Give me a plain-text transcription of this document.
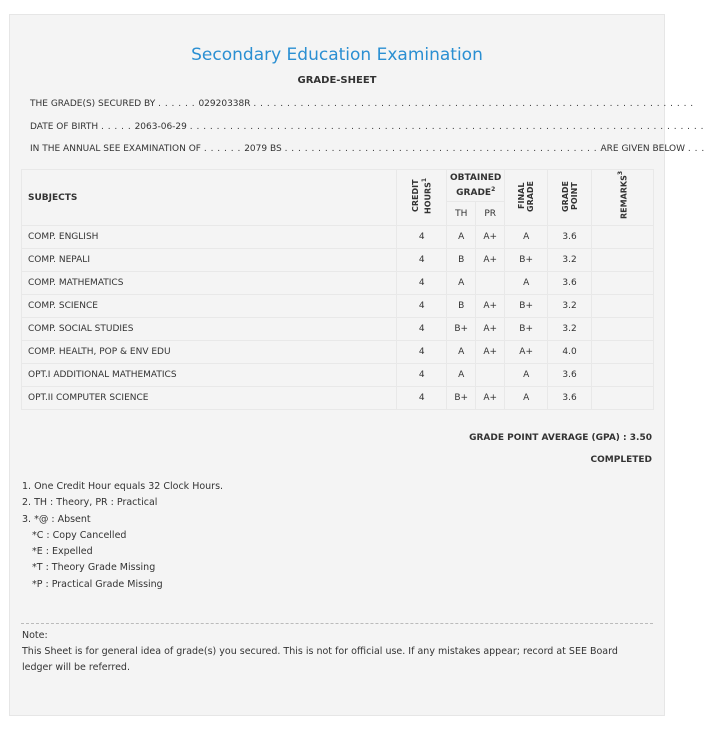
Secondary Education Examination
GRADE-SHEET
THE GRADE(S) SECURED BY . . . . . . 02920338R . . . . . . . . . . . . . . . . . . . . . . . . . . . . . . . . . . . . . . . . . . . . . . . . . . . . . . . . . . . . . . . . . .
DATE OF BIRTH . . . . . 2063-06-29 . . . . . . . . . . . . . . . . . . . . . . . . . . . . . . . . . . . . . . . . . . . . . . . . . . . . . . . . . . . . . . . . . . . . . . . . . . . . .
IN THE ANNUAL SEE EXAMINATION OF . . . . . . 2079 BS . . . . . . . . . . . . . . . . . . . . . . . . . . . . . . . . . . . . . . . . . . . . . . . ARE GIVEN BELOW . . .
SUBJECTS	CREDIT HOURS$^1$	OBTAINED GRADE$^2$		FINAL GRADE	GRADE POINT	REMARKS$^3$
		TH	PR			
COMP. ENGLISH	4	A	A+	A	3.6	
COMP. NEPALI	4	B	A+	B+	3.2	
COMP. MATHEMATICS	4	A		A	3.6	
COMP. SCIENCE	4	B	A+	B+	3.2	
COMP. SOCIAL STUDIES	4	B+	A+	B+	3.2	
COMP. HEALTH, POP & ENV EDU	4	A	A+	A+	4.0	
OPT.I ADDITIONAL MATHEMATICS	4	A		A	3.6	
OPT.II COMPUTER SCIENCE	4	B+	A+	A	3.6	
GRADE POINT AVERAGE (GPA) : 3.50
COMPLETED
1. One Credit Hour equals 32 Clock Hours.
2. TH : Theory, PR : Practical
3. *@ : Absent
*C : Copy Cancelled
*E : Expelled
*T : Theory Grade Missing
*P : Practical Grade Missing
Note:
This Sheet is for general idea of grade(s) you secured. This is not for official use. If any mistakes appear; record at SEE Board ledger will be referred.
